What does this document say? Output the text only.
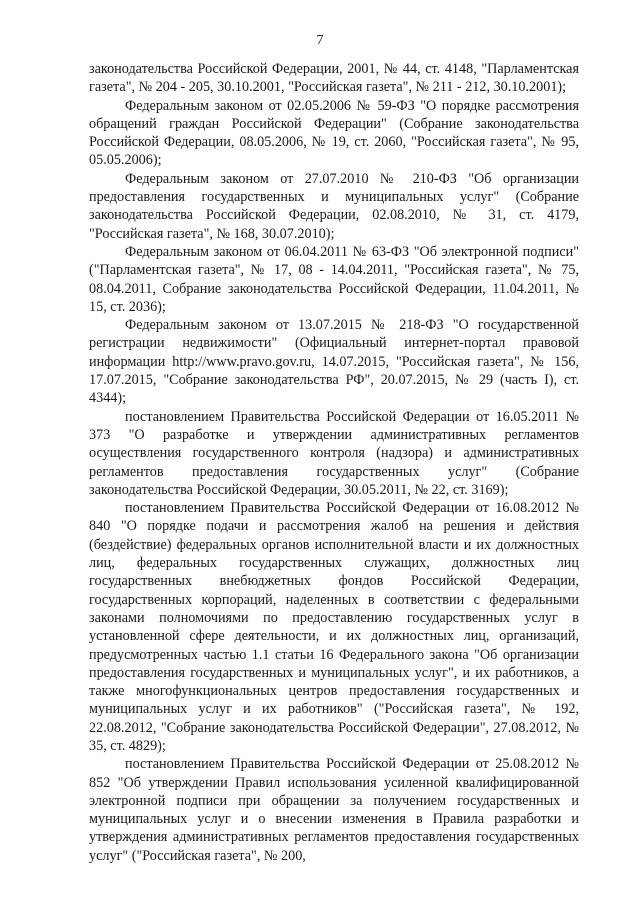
7

законодательства Российской Федерации, 2001, № 44, ст. 4148, "Парламентская газета", № 204 - 205, 30.10.2001, "Российская газета", № 211 - 212, 30.10.2001);

Федеральным законом от 02.05.2006 № 59-ФЗ "О порядке рассмотрения обращений граждан Российской Федерации" (Собрание законодательства Российской Федерации, 08.05.2006, № 19, ст. 2060, "Российская газета", № 95, 05.05.2006);

Федеральным законом от 27.07.2010 № 210-ФЗ "Об организации предоставления государственных и муниципальных услуг" (Собрание законодательства Российской Федерации, 02.08.2010, № 31, ст. 4179, "Российская газета", № 168, 30.07.2010);

Федеральным законом от 06.04.2011 № 63-ФЗ "Об электронной подписи" ("Парламентская газета", № 17, 08 - 14.04.2011, "Российская газета", № 75, 08.04.2011, Собрание законодательства Российской Федерации, 11.04.2011, № 15, ст. 2036);

Федеральным законом от 13.07.2015 № 218-ФЗ "О государственной регистрации недвижимости" (Официальный интернет-портал правовой информации http://www.pravo.gov.ru, 14.07.2015, "Российская газета", № 156, 17.07.2015, "Собрание законодательства РФ", 20.07.2015, № 29 (часть I), ст. 4344);

постановлением Правительства Российской Федерации от 16.05.2011 № 373 "О разработке и утверждении административных регламентов осуществления государственного контроля (надзора) и административных регламентов предоставления государственных услуг" (Собрание законодательства Российской Федерации, 30.05.2011, № 22, ст. 3169);

постановлением Правительства Российской Федерации от 16.08.2012 № 840 "О порядке подачи и рассмотрения жалоб на решения и действия (бездействие) федеральных органов исполнительной власти и их должностных лиц, федеральных государственных служащих, должностных лиц государственных внебюджетных фондов Российской Федерации, государственных корпораций, наделенных в соответствии с федеральными законами полномочиями по предоставлению государственных услуг в установленной сфере деятельности, и их должностных лиц, организаций, предусмотренных частью 1.1 статьи 16 Федерального закона "Об организации предоставления государственных и муниципальных услуг", и их работников, а также многофункциональных центров предоставления государственных и муниципальных услуг и их работников" ("Российская газета", № 192, 22.08.2012, "Собрание законодательства Российской Федерации", 27.08.2012, № 35, ст. 4829);

постановлением Правительства Российской Федерации от 25.08.2012 № 852 "Об утверждении Правил использования усиленной квалифицированной электронной подписи при обращении за получением государственных и муниципальных услуг и о внесении изменения в Правила разработки и утверждения административных регламентов предоставления государственных услуг" ("Российская газета", № 200,
